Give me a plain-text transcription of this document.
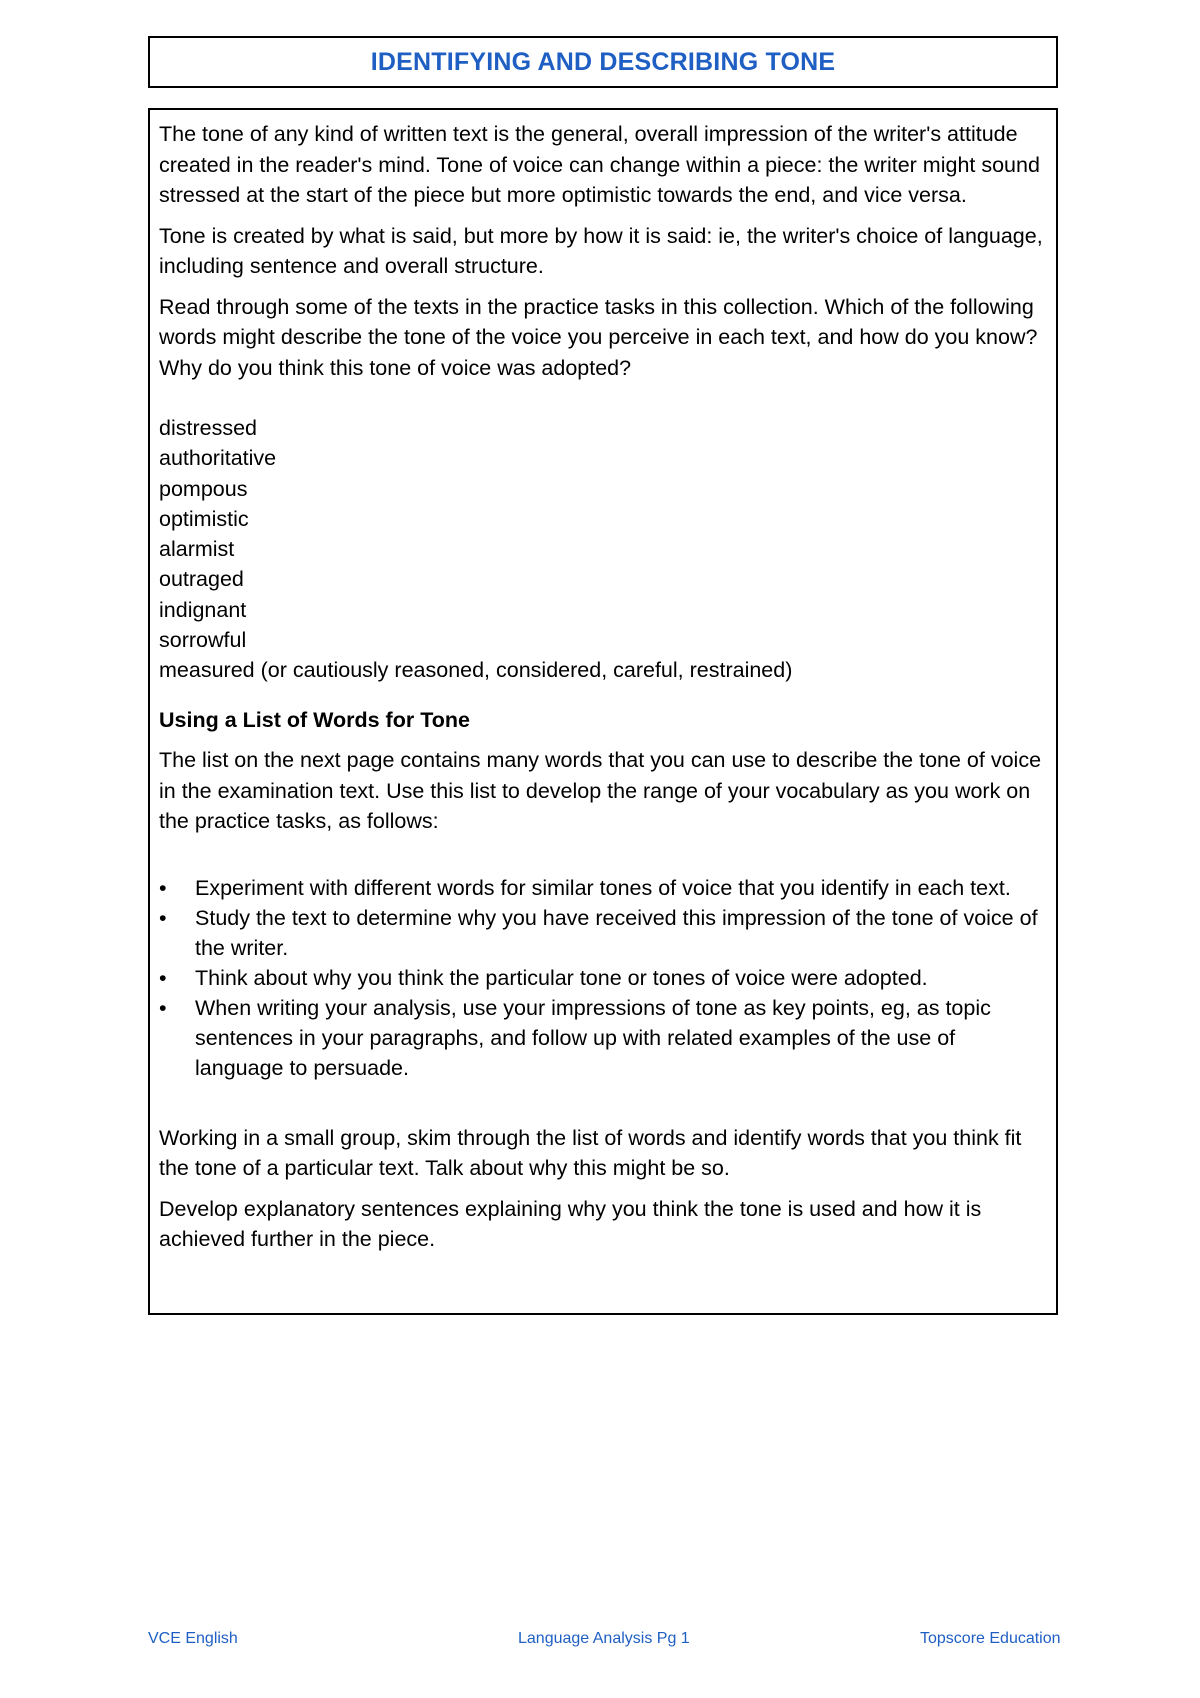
IDENTIFYING AND DESCRIBING TONE

The tone of any kind of written text is the general, overall impression of the writer's attitude created in the reader's mind. Tone of voice can change within a piece: the writer might sound stressed at the start of the piece but more optimistic towards the end, and vice versa.

Tone is created by what is said, but more by how it is said: ie, the writer's choice of language, including sentence and overall structure.

Read through some of the texts in the practice tasks in this collection. Which of the following words might describe the tone of the voice you perceive in each text, and how do you know? Why do you think this tone of voice was adopted?

distressed
authoritative
pompous
optimistic
alarmist
outraged
indignant
sorrowful
measured (or cautiously reasoned, considered, careful, restrained)

Using a List of Words for Tone

The list on the next page contains many words that you can use to describe the tone of voice in the examination text. Use this list to develop the range of your vocabulary as you work on the practice tasks, as follows:

• Experiment with different words for similar tones of voice that you identify in each text.
• Study the text to determine why you have received this impression of the tone of voice of the writer.
• Think about why you think the particular tone or tones of voice were adopted.
• When writing your analysis, use your impressions of tone as key points, eg, as topic sentences in your paragraphs, and follow up with related examples of the use of language to persuade.

Working in a small group, skim through the list of words and identify words that you think fit the tone of a particular text. Talk about why this might be so.

Develop explanatory sentences explaining why you think the tone is used and how it is achieved further in the piece.

VCE English	Language Analysis Pg 1	Topscore Education
